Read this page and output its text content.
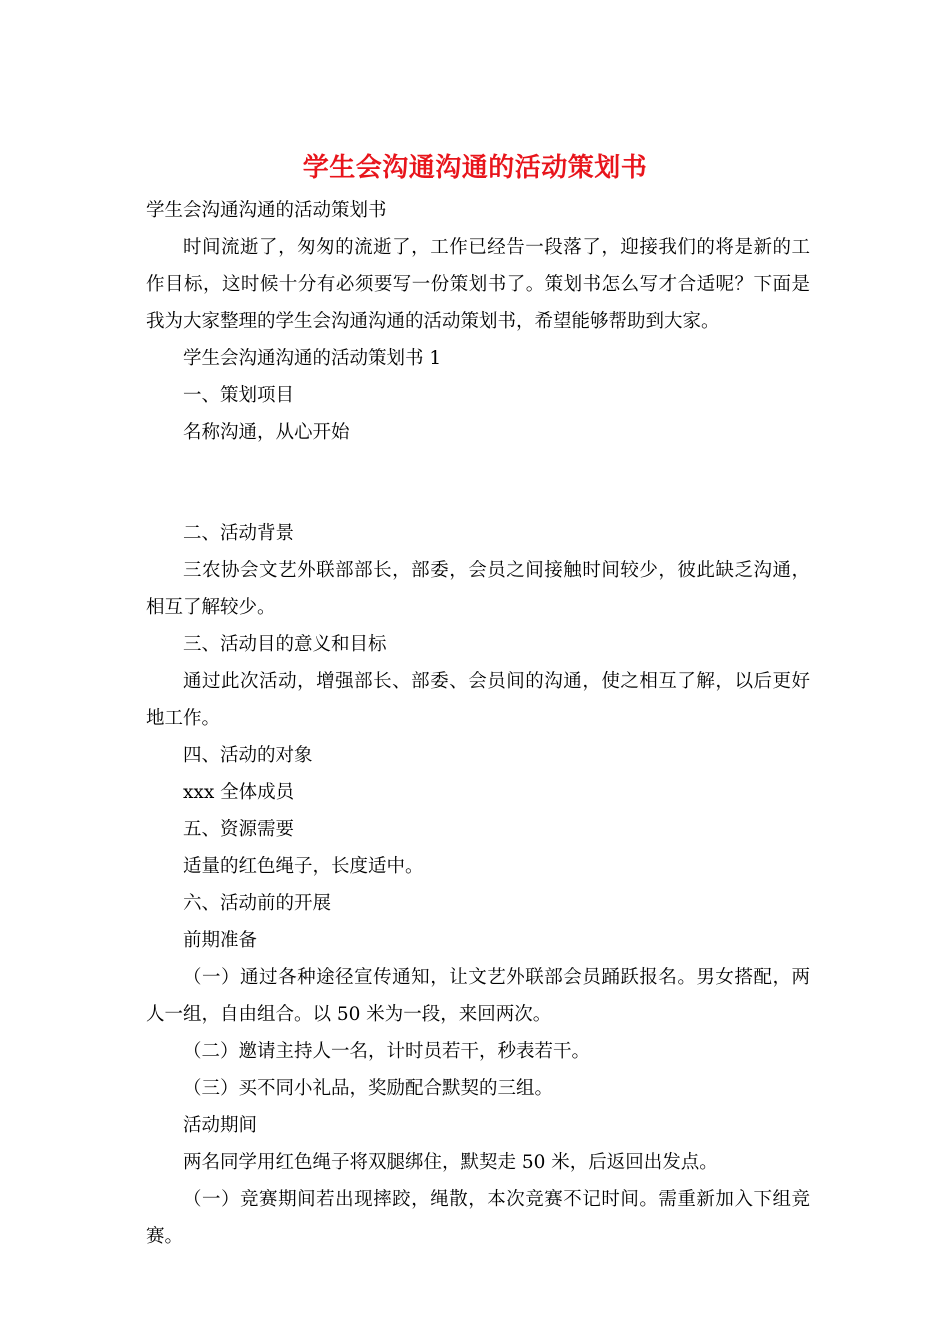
学生会沟通沟通的活动策划书

学生会沟通沟通的活动策划书

时间流逝了，匆匆的流逝了，工作已经告一段落了，迎接我们的将是新的工作目标，这时候十分有必须要写一份策划书了。策划书怎么写才合适呢？下面是我为大家整理的学生会沟通沟通的活动策划书，希望能够帮助到大家。

学生会沟通沟通的活动策划书 1

一、策划项目

名称沟通，从心开始

二、活动背景

三农协会文艺外联部部长，部委，会员之间接触时间较少，彼此缺乏沟通，相互了解较少。

三、活动目的意义和目标

通过此次活动，增强部长、部委、会员间的沟通，使之相互了解，以后更好地工作。

四、活动的对象

xxx 全体成员

五、资源需要

适量的红色绳子，长度适中。

六、活动前的开展

前期准备

（一）通过各种途径宣传通知，让文艺外联部会员踊跃报名。男女搭配，两人一组，自由组合。以 50 米为一段，来回两次。

（二）邀请主持人一名，计时员若干，秒表若干。

（三）买不同小礼品，奖励配合默契的三组。

活动期间

两名同学用红色绳子将双腿绑住，默契走 50 米，后返回出发点。

（一）竞赛期间若出现摔跤，绳散，本次竞赛不记时间。需重新加入下组竞赛。
